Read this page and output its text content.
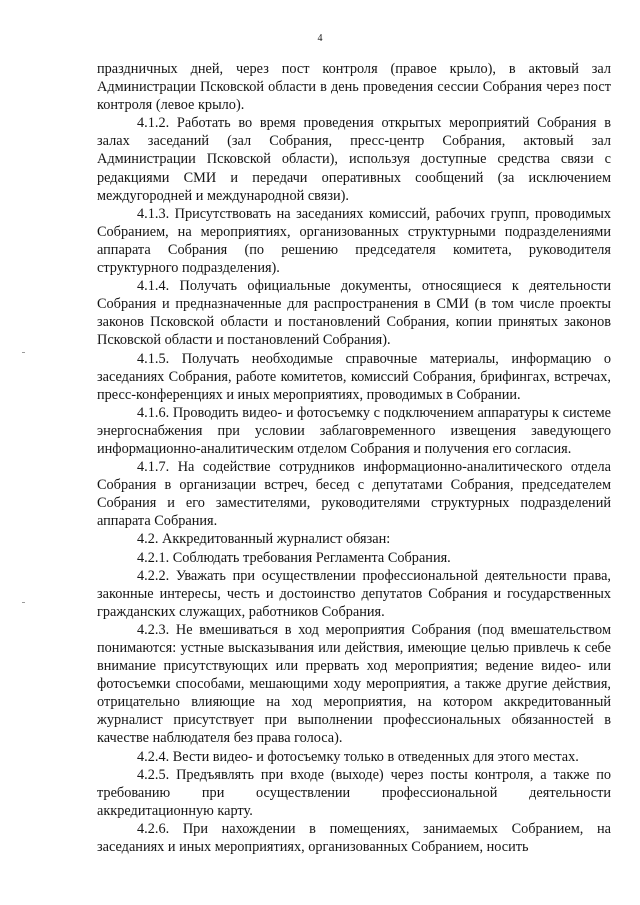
4

праздничных дней, через пост контроля (правое крыло), в актовый зал Администрации Псковской области в день проведения сессии Собрания через пост контроля (левое крыло).

4.1.2. Работать во время проведения открытых мероприятий Собрания в залах заседаний (зал Собрания, пресс-центр Собрания, актовый зал Администрации Псковской области), используя доступные средства связи с редакциями СМИ и передачи оперативных сообщений (за исключением междугородней и международной связи).

4.1.3. Присутствовать на заседаниях комиссий, рабочих групп, проводимых Собранием, на мероприятиях, организованных структурными подразделениями аппарата Собрания (по решению председателя комитета, руководителя структурного подразделения).

4.1.4. Получать официальные документы, относящиеся к деятельности Собрания и предназначенные для распространения в СМИ (в том числе проекты законов Псковской области и постановлений Собрания, копии принятых законов Псковской области и постановлений Собрания).

4.1.5. Получать необходимые справочные материалы, информацию о заседаниях Собрания, работе комитетов, комиссий Собрания, брифингах, встречах, пресс-конференциях и иных мероприятиях, проводимых в Собрании.

4.1.6. Проводить видео- и фотосъемку с подключением аппаратуры к системе энергоснабжения при условии заблаговременного извещения заведующего информационно-аналитическим отделом Собрания и получения его согласия.

4.1.7. На содействие сотрудников информационно-аналитического отдела Собрания в организации встреч, бесед с депутатами Собрания, председателем Собрания и его заместителями, руководителями структурных подразделений аппарата Собрания.

4.2. Аккредитованный журналист обязан:

4.2.1. Соблюдать требования Регламента Собрания.

4.2.2. Уважать при осуществлении профессиональной деятельности права, законные интересы, честь и достоинство депутатов Собрания и государственных гражданских служащих, работников Собрания.

4.2.3. Не вмешиваться в ход мероприятия Собрания (под вмешательством понимаются: устные высказывания или действия, имеющие целью привлечь к себе внимание присутствующих или прервать ход мероприятия; ведение видео- или фотосъемки способами, мешающими ходу мероприятия, а также другие действия, отрицательно влияющие на ход мероприятия, на котором аккредитованный журналист присутствует при выполнении профессиональных обязанностей в качестве наблюдателя без права голоса).

4.2.4. Вести видео- и фотосъемку только в отведенных для этого местах.

4.2.5. Предъявлять при входе (выходе) через посты контроля, а также по требованию при осуществлении профессиональной деятельности аккредитационную карту.

4.2.6. При нахождении в помещениях, занимаемых Собранием, на заседаниях и иных мероприятиях, организованных Собранием, носить
